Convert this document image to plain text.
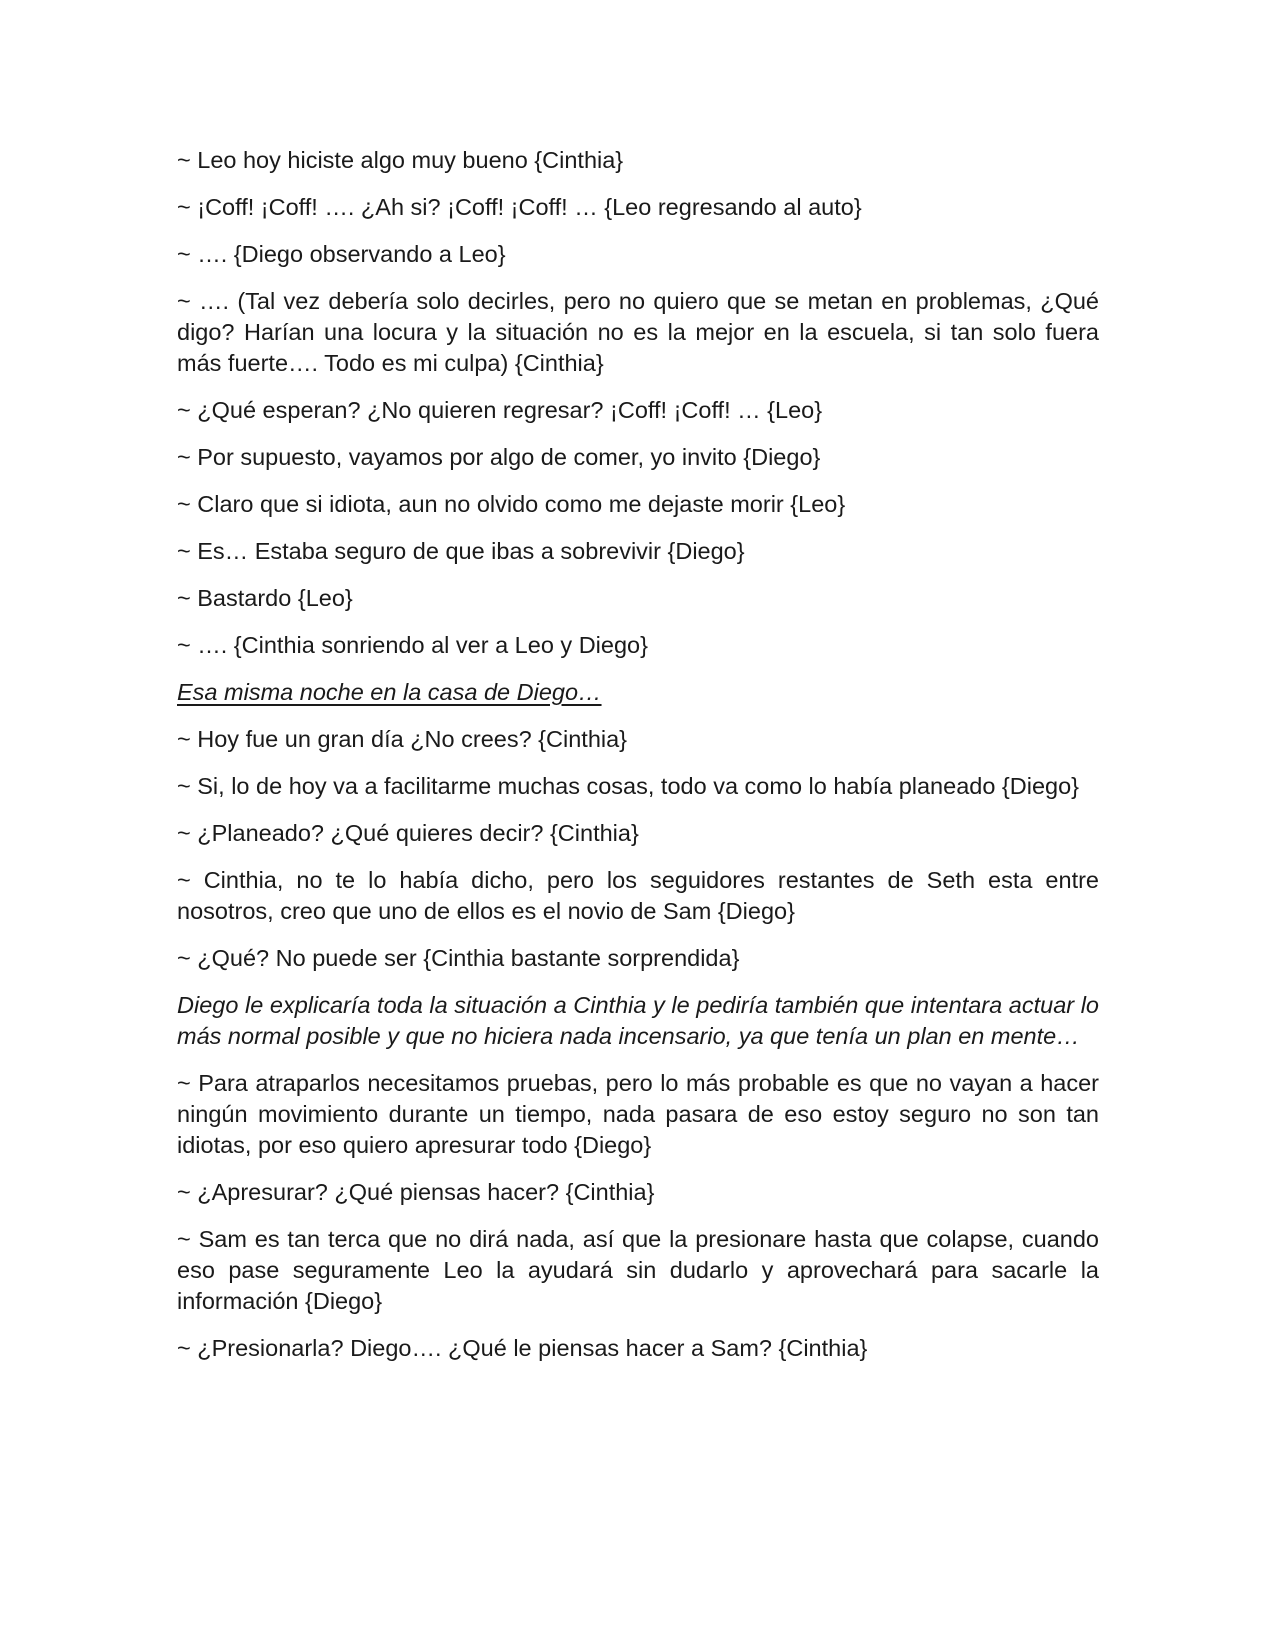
~ Leo hoy hiciste algo muy bueno {Cinthia}

~ ¡Coff! ¡Coff! …. ¿Ah si? ¡Coff! ¡Coff! … {Leo regresando al auto}

~ …. {Diego observando a Leo}

~ …. (Tal vez debería solo decirles, pero no quiero que se metan en problemas, ¿Qué digo? Harían una locura y la situación no es la mejor en la escuela, si tan solo fuera más fuerte…. Todo es mi culpa) {Cinthia}

~ ¿Qué esperan? ¿No quieren regresar? ¡Coff! ¡Coff! … {Leo}

~ Por supuesto, vayamos por algo de comer, yo invito {Diego}

~ Claro que si idiota, aun no olvido como me dejaste morir {Leo}

~ Es… Estaba seguro de que ibas a sobrevivir {Diego}

~ Bastardo {Leo}

~ …. {Cinthia sonriendo al ver a Leo y Diego}

Esa misma noche en la casa de Diego…

~ Hoy fue un gran día ¿No crees? {Cinthia}

~ Si, lo de hoy va a facilitarme muchas cosas, todo va como lo había planeado {Diego}

~ ¿Planeado? ¿Qué quieres decir? {Cinthia}

~ Cinthia, no te lo había dicho, pero los seguidores restantes de Seth esta entre nosotros, creo que uno de ellos es el novio de Sam {Diego}

~ ¿Qué? No puede ser {Cinthia bastante sorprendida}

Diego le explicaría toda la situación a Cinthia y le pediría también que intentara actuar lo más normal posible y que no hiciera nada incensario, ya que tenía un plan en mente…

~ Para atraparlos necesitamos pruebas, pero lo más probable es que no vayan a hacer ningún movimiento durante un tiempo, nada pasara de eso estoy seguro no son tan idiotas, por eso quiero apresurar todo {Diego}

~ ¿Apresurar? ¿Qué piensas hacer? {Cinthia}

~ Sam es tan terca que no dirá nada, así que la presionare hasta que colapse, cuando eso pase seguramente Leo la ayudará sin dudarlo y aprovechará para sacarle la información {Diego}

~ ¿Presionarla? Diego…. ¿Qué le piensas hacer a Sam? {Cinthia}
